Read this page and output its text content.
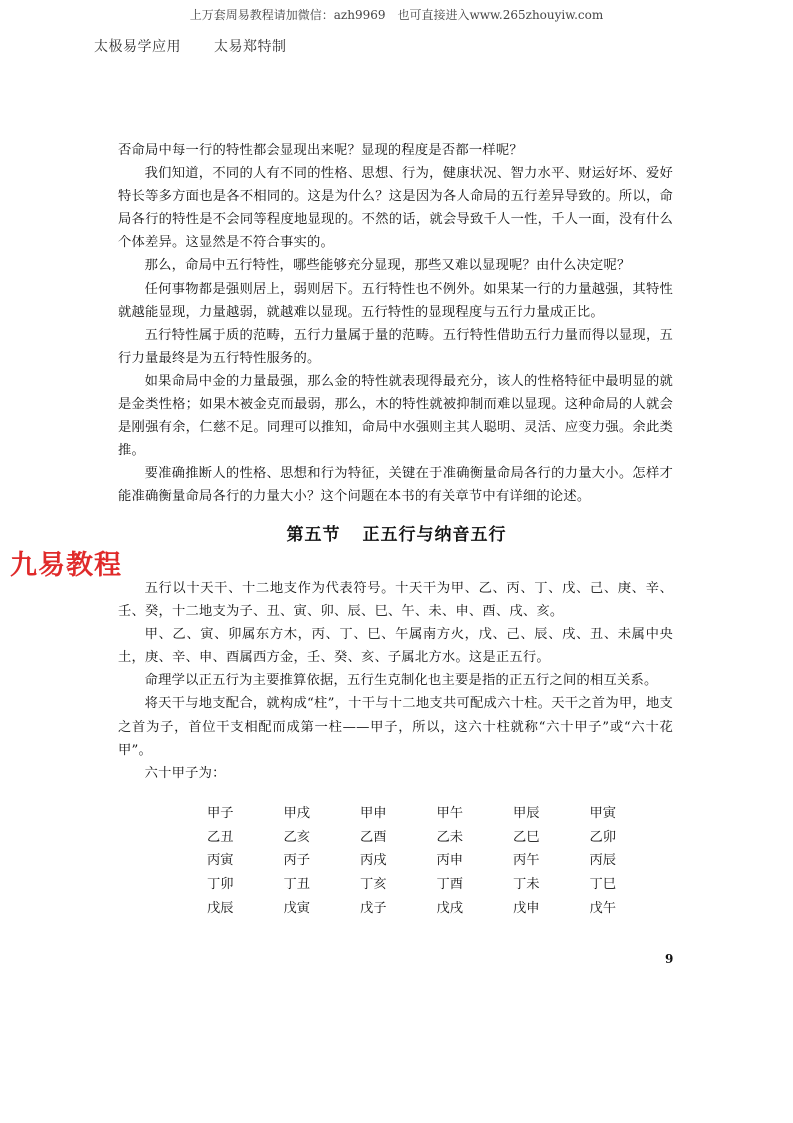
上万套周易教程请加微信：azh9969　也可直接进入www.265zhouyiw.com
太极易学应用 太易郑特制

否命局中每一行的特性都会显现出来呢？显现的程度是否都一样呢？

我们知道，不同的人有不同的性格、思想、行为，健康状况、智力水平、财运好坏、爱好特长等多方面也是各不相同的。这是为什么？这是因为各人命局的五行差异导致的。所以，命局各行的特性是不会同等程度地显现的。不然的话，就会导致千人一性，千人一面，没有什么个体差异。这显然是不符合事实的。

那么，命局中五行特性，哪些能够充分显现，那些又难以显现呢？由什么决定呢？

任何事物都是强则居上，弱则居下。五行特性也不例外。如果某一行的力量越强，其特性就越能显现，力量越弱，就越难以显现。五行特性的显现程度与五行力量成正比。

五行特性属于质的范畴，五行力量属于量的范畴。五行特性借助五行力量而得以显现，五行力量最终是为五行特性服务的。

如果命局中金的力量最强，那么金的特性就表现得最充分，该人的性格特征中最明显的就是金类性格；如果木被金克而最弱，那么，木的特性就被抑制而难以显现。这种命局的人就会是刚强有余，仁慈不足。同理可以推知，命局中水强则主其人聪明、灵活、应变力强。余此类推。

要准确推断人的性格、思想和行为特征，关键在于准确衡量命局各行的力量大小。怎样才能准确衡量命局各行的力量大小？这个问题在本书的有关章节中有详细的论述。

第五节 正五行与纳音五行
九易教程

五行以十天干、十二地支作为代表符号。十天干为甲、乙、丙、丁、戊、己、庚、辛、壬、癸，十二地支为子、丑、寅、卯、辰、巳、午、未、申、酉、戌、亥。

甲、乙、寅、卯属东方木，丙、丁、巳、午属南方火，戊、己、辰、戌、丑、未属中央土，庚、辛、申、酉属西方金，壬、癸、亥、子属北方水。这是正五行。

命理学以正五行为主要推算依据，五行生克制化也主要是指的正五行之间的相互关系。

将天干与地支配合，就构成“柱”，十干与十二地支共可配成六十柱。天干之首为甲，地支之首为子，首位干支相配而成第一柱——甲子，所以，这六十柱就称“六十甲子”或“六十花甲”。

六十甲子为：

甲子	甲戌	甲申	甲午	甲辰	甲寅
乙丑	乙亥	乙酉	乙未	乙巳	乙卯
丙寅	丙子	丙戌	丙申	丙午	丙辰
丁卯	丁丑	丁亥	丁酉	丁未	丁巳
戊辰	戊寅	戊子	戊戌	戊申	戊午
9
